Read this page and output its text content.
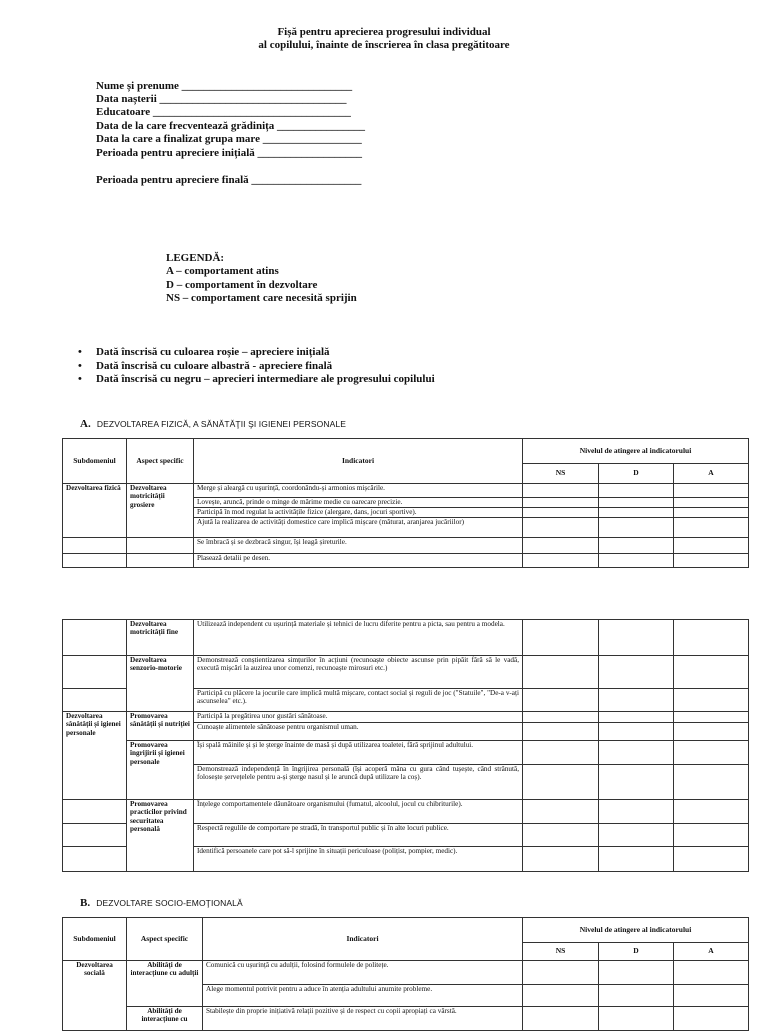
Fișă pentru aprecierea progresului individual
al copilului, înainte de înscrierea în clasa pregătitoare
Nume și prenume _______________________________
Data nașterii __________________________________
Educatoare ____________________________________
Data de la care frecventează grădinița ________________
Data la care a finalizat grupa mare __________________
Perioada pentru apreciere inițială ___________________
Perioada pentru apreciere finală ____________________
LEGENDĂ:
A – comportament atins
D – comportament în dezvoltare
NS – comportament care necesită sprijin
• Dată înscrisă cu culoarea roșie – apreciere inițială
• Dată înscrisă cu culoare albastră - apreciere finală
• Dată înscrisă cu negru – aprecieri intermediare ale progresului copilului
A. DEZVOLTAREA FIZICĂ, A SĂNĂTĂŢII ŞI IGIENEI PERSONALE
Subdomeniul	Aspect specific	Indicatori	Nivelul de atingere al indicatorului		
			NS	D	A
Dezvoltarea fizică	Dezvoltarea motricității grosiere	Merge și aleargă cu ușurință, coordonându-și armonios mișcările.			
		Lovește, aruncă, prinde o minge de mărime medie cu oarecare precizie.			
		Participă în mod regulat la activitățile fizice (alergare, dans, jocuri sportive).			
		Ajută la realizarea de activități domestice care implică mișcare (măturat, aranjarea jucăriilor)			
		Se îmbracă și se dezbracă singur, își leagă șireturile.			
		Plasează detalii pe desen.			
	Dezvoltarea motricității fine	Utilizează independent cu ușurință materiale și tehnici de lucru diferite pentru a picta, sau pentru a modela.			
	Dezvoltarea senzorio-motorie	Demonstrează conștientizarea simțurilor în acțiuni (recunoaște obiecte ascunse prin pipăit fără să le vadă, execută mișcări la auzirea unor comenzi, recunoaște mirosuri etc.)			
		Participă cu plăcere la jocurile care implică multă mișcare, contact social și reguli de joc ("Statuile", "De-a v-ați ascunselea" etc.).			
Dezvoltarea sănătății și igienei personale	Promovarea sănătății și nutriției	Participă la pregătirea unor gustări sănătoase.			
		Cunoaște alimentele sănătoase pentru organismul uman.			
	Promovarea îngrijirii și igienei personale	Își spală mâinile și și le șterge înainte de masă și după utilizarea toaletei, fără sprijinul adultului.			
		Demonstrează independență în îngrijirea personală (își acoperă mâna cu gura când tușește, când strănută, folosește șervețelele pentru a-și șterge nasul și le aruncă după utilizare la coș).			
	Promovarea practicilor privind securitatea personală	Înțelege comportamentele dăunătoare organismului (fumatul, alcoolul, jocul cu chibriturile).			
		Respectă regulile de comportare pe stradă, în transportul public și în alte locuri publice.			
		Identifică persoanele care pot să-l sprijine în situații periculoase (polițist, pompier, medic).			
B. DEZVOLTARE SOCIO-EMOŢIONALĂ
Subdomeniul	Aspect specific	Indicatori	Nivelul de atingere al indicatorului		
			NS	D	A
Dezvoltarea socială	Abilități de interacțiune cu adulții	Comunică cu ușurință cu adulții, folosind formulele de politețe.			
		Alege momentul potrivit pentru a aduce în atenția adultului anumite probleme.			
	Abilități de interacțiune cu	Stabilește din proprie inițiativă relații pozitive și de respect cu copii apropiați ca vârstă.			
